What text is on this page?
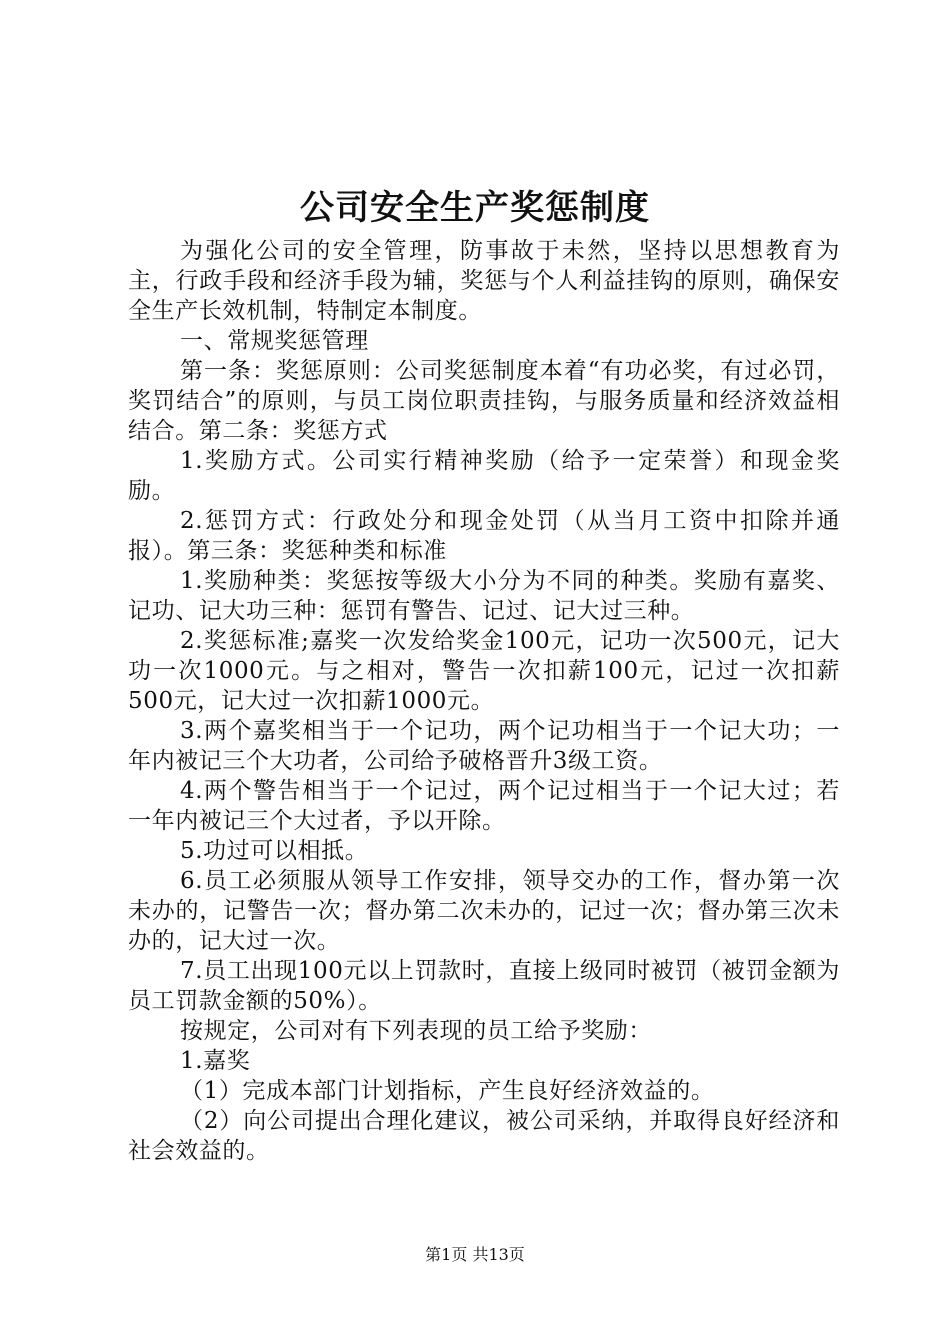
公司安全生产奖惩制度

为强化公司的安全管理，防事故于未然，坚持以思想教育为主，行政手段和经济手段为辅，奖惩与个人利益挂钩的原则，确保安全生产长效机制，特制定本制度。

一、常规奖惩管理

第一条：奖惩原则：公司奖惩制度本着“有功必奖，有过必罚，奖罚结合”的原则，与员工岗位职责挂钩，与服务质量和经济效益相结合。第二条：奖惩方式

1.奖励方式。公司实行精神奖励（给予一定荣誉）和现金奖励。

2.惩罚方式：行政处分和现金处罚（从当月工资中扣除并通报）。第三条：奖惩种类和标准

1.奖励种类：奖惩按等级大小分为不同的种类。奖励有嘉奖、记功、记大功三种：惩罚有警告、记过、记大过三种。

2.奖惩标准;嘉奖一次发给奖金100元，记功一次500元，记大功一次1000元。与之相对，警告一次扣薪100元，记过一次扣薪500元，记大过一次扣薪1000元。

3.两个嘉奖相当于一个记功，两个记功相当于一个记大功；一年内被记三个大功者，公司给予破格晋升3级工资。

4.两个警告相当于一个记过，两个记过相当于一个记大过；若一年内被记三个大过者，予以开除。

5.功过可以相抵。

6.员工必须服从领导工作安排，领导交办的工作，督办第一次未办的，记警告一次；督办第二次未办的，记过一次；督办第三次未办的，记大过一次。

7.员工出现100元以上罚款时，直接上级同时被罚（被罚金额为员工罚款金额的50%）。

按规定，公司对有下列表现的员工给予奖励：

1.嘉奖

（1）完成本部门计划指标，产生良好经济效益的。

（2）向公司提出合理化建议，被公司采纳，并取得良好经济和社会效益的。

第1页 共13页
